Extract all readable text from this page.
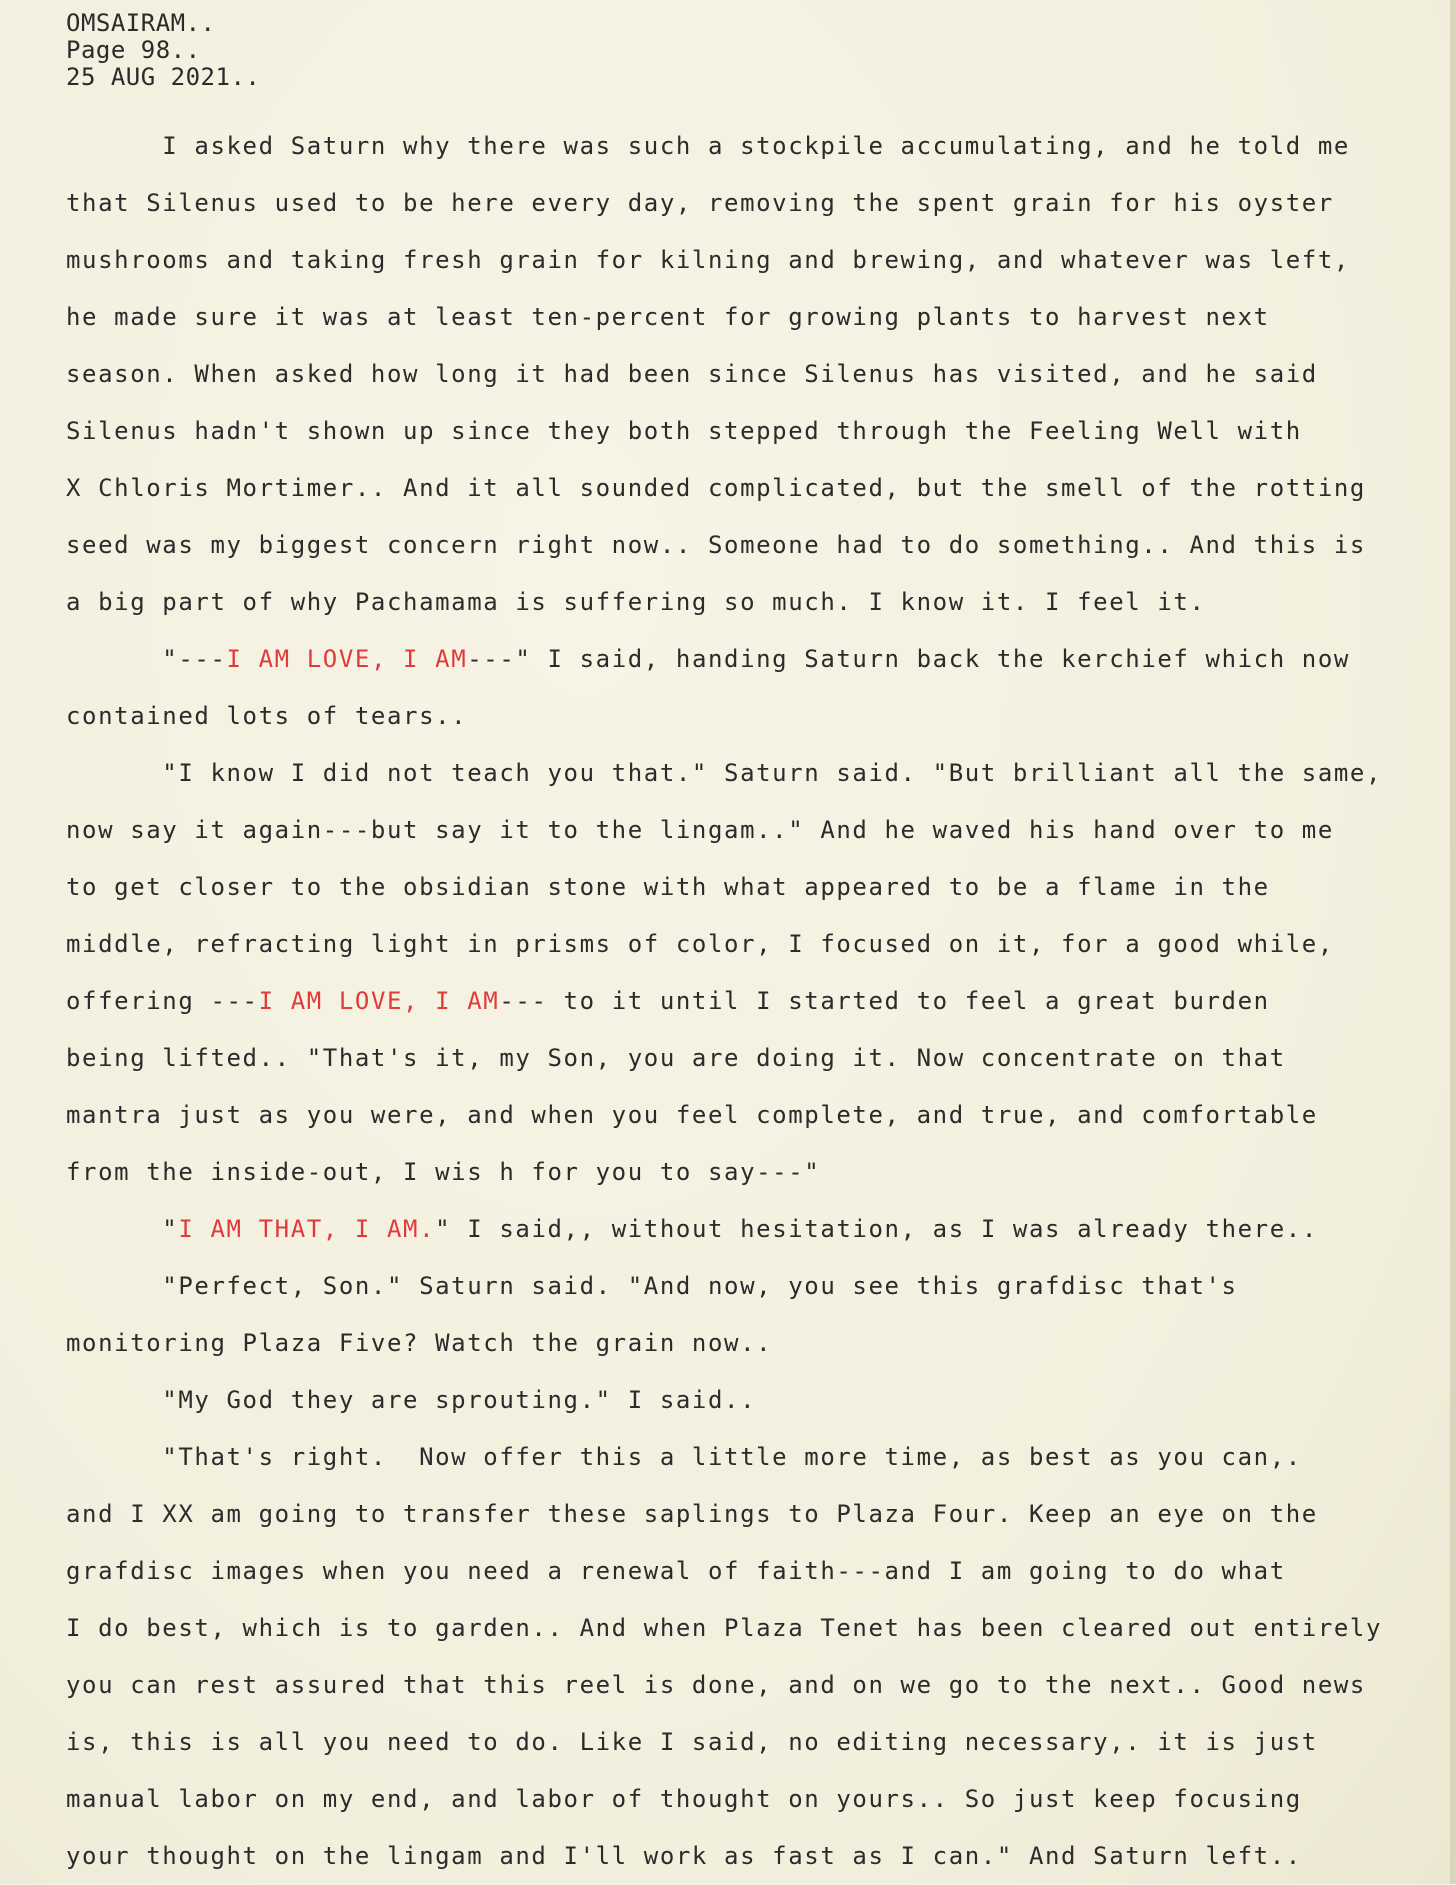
OMSAIRAM..
Page 98..
25 AUG 2021..
I asked Saturn why there was such a stockpile accumulating, and he told me
that Silenus used to be here every day, removing the spent grain for his oyster
mushrooms and taking fresh grain for kilning and brewing, and whatever was left,
he made sure it was at least ten-percent for growing plants to harvest next
season. When asked how long it had been since Silenus has visited, and he said
Silenus hadn't shown up since they both stepped through the Feeling Well with
X Chloris Mortimer.. And it all sounded complicated, but the smell of the rotting
seed was my biggest concern right now.. Someone had to do something.. And this is
a big part of why Pachamama is suffering so much. I know it. I feel it.
"---I AM LOVE, I AM---" I said, handing Saturn back the kerchief which now
contained lots of tears..
"I know I did not teach you that." Saturn said. "But brilliant all the same,
now say it again---but say it to the lingam.." And he waved his hand over to me
to get closer to the obsidian stone with what appeared to be a flame in the
middle, refracting light in prisms of color, I focused on it, for a good while,
offering ---I AM LOVE, I AM--- to it until I started to feel a great burden
being lifted.. "That's it, my Son, you are doing it. Now concentrate on that
mantra just as you were, and when you feel complete, and true, and comfortable
from the inside-out, I wis h for you to say---"
"I AM THAT, I AM." I said,, without hesitation, as I was already there..
"Perfect, Son." Saturn said. "And now, you see this grafdisc that's
monitoring Plaza Five? Watch the grain now..
"My God they are sprouting." I said..
"That's right.  Now offer this a little more time, as best as you can,.
and I XX am going to transfer these saplings to Plaza Four. Keep an eye on the
grafdisc images when you need a renewal of faith---and I am going to do what
I do best, which is to garden.. And when Plaza Tenet has been cleared out entirely
you can rest assured that this reel is done, and on we go to the next.. Good news
is, this is all you need to do. Like I said, no editing necessary,. it is just
manual labor on my end, and labor of thought on yours.. So just keep focusing
your thought on the lingam and I'll work as fast as I can." And Saturn left..
